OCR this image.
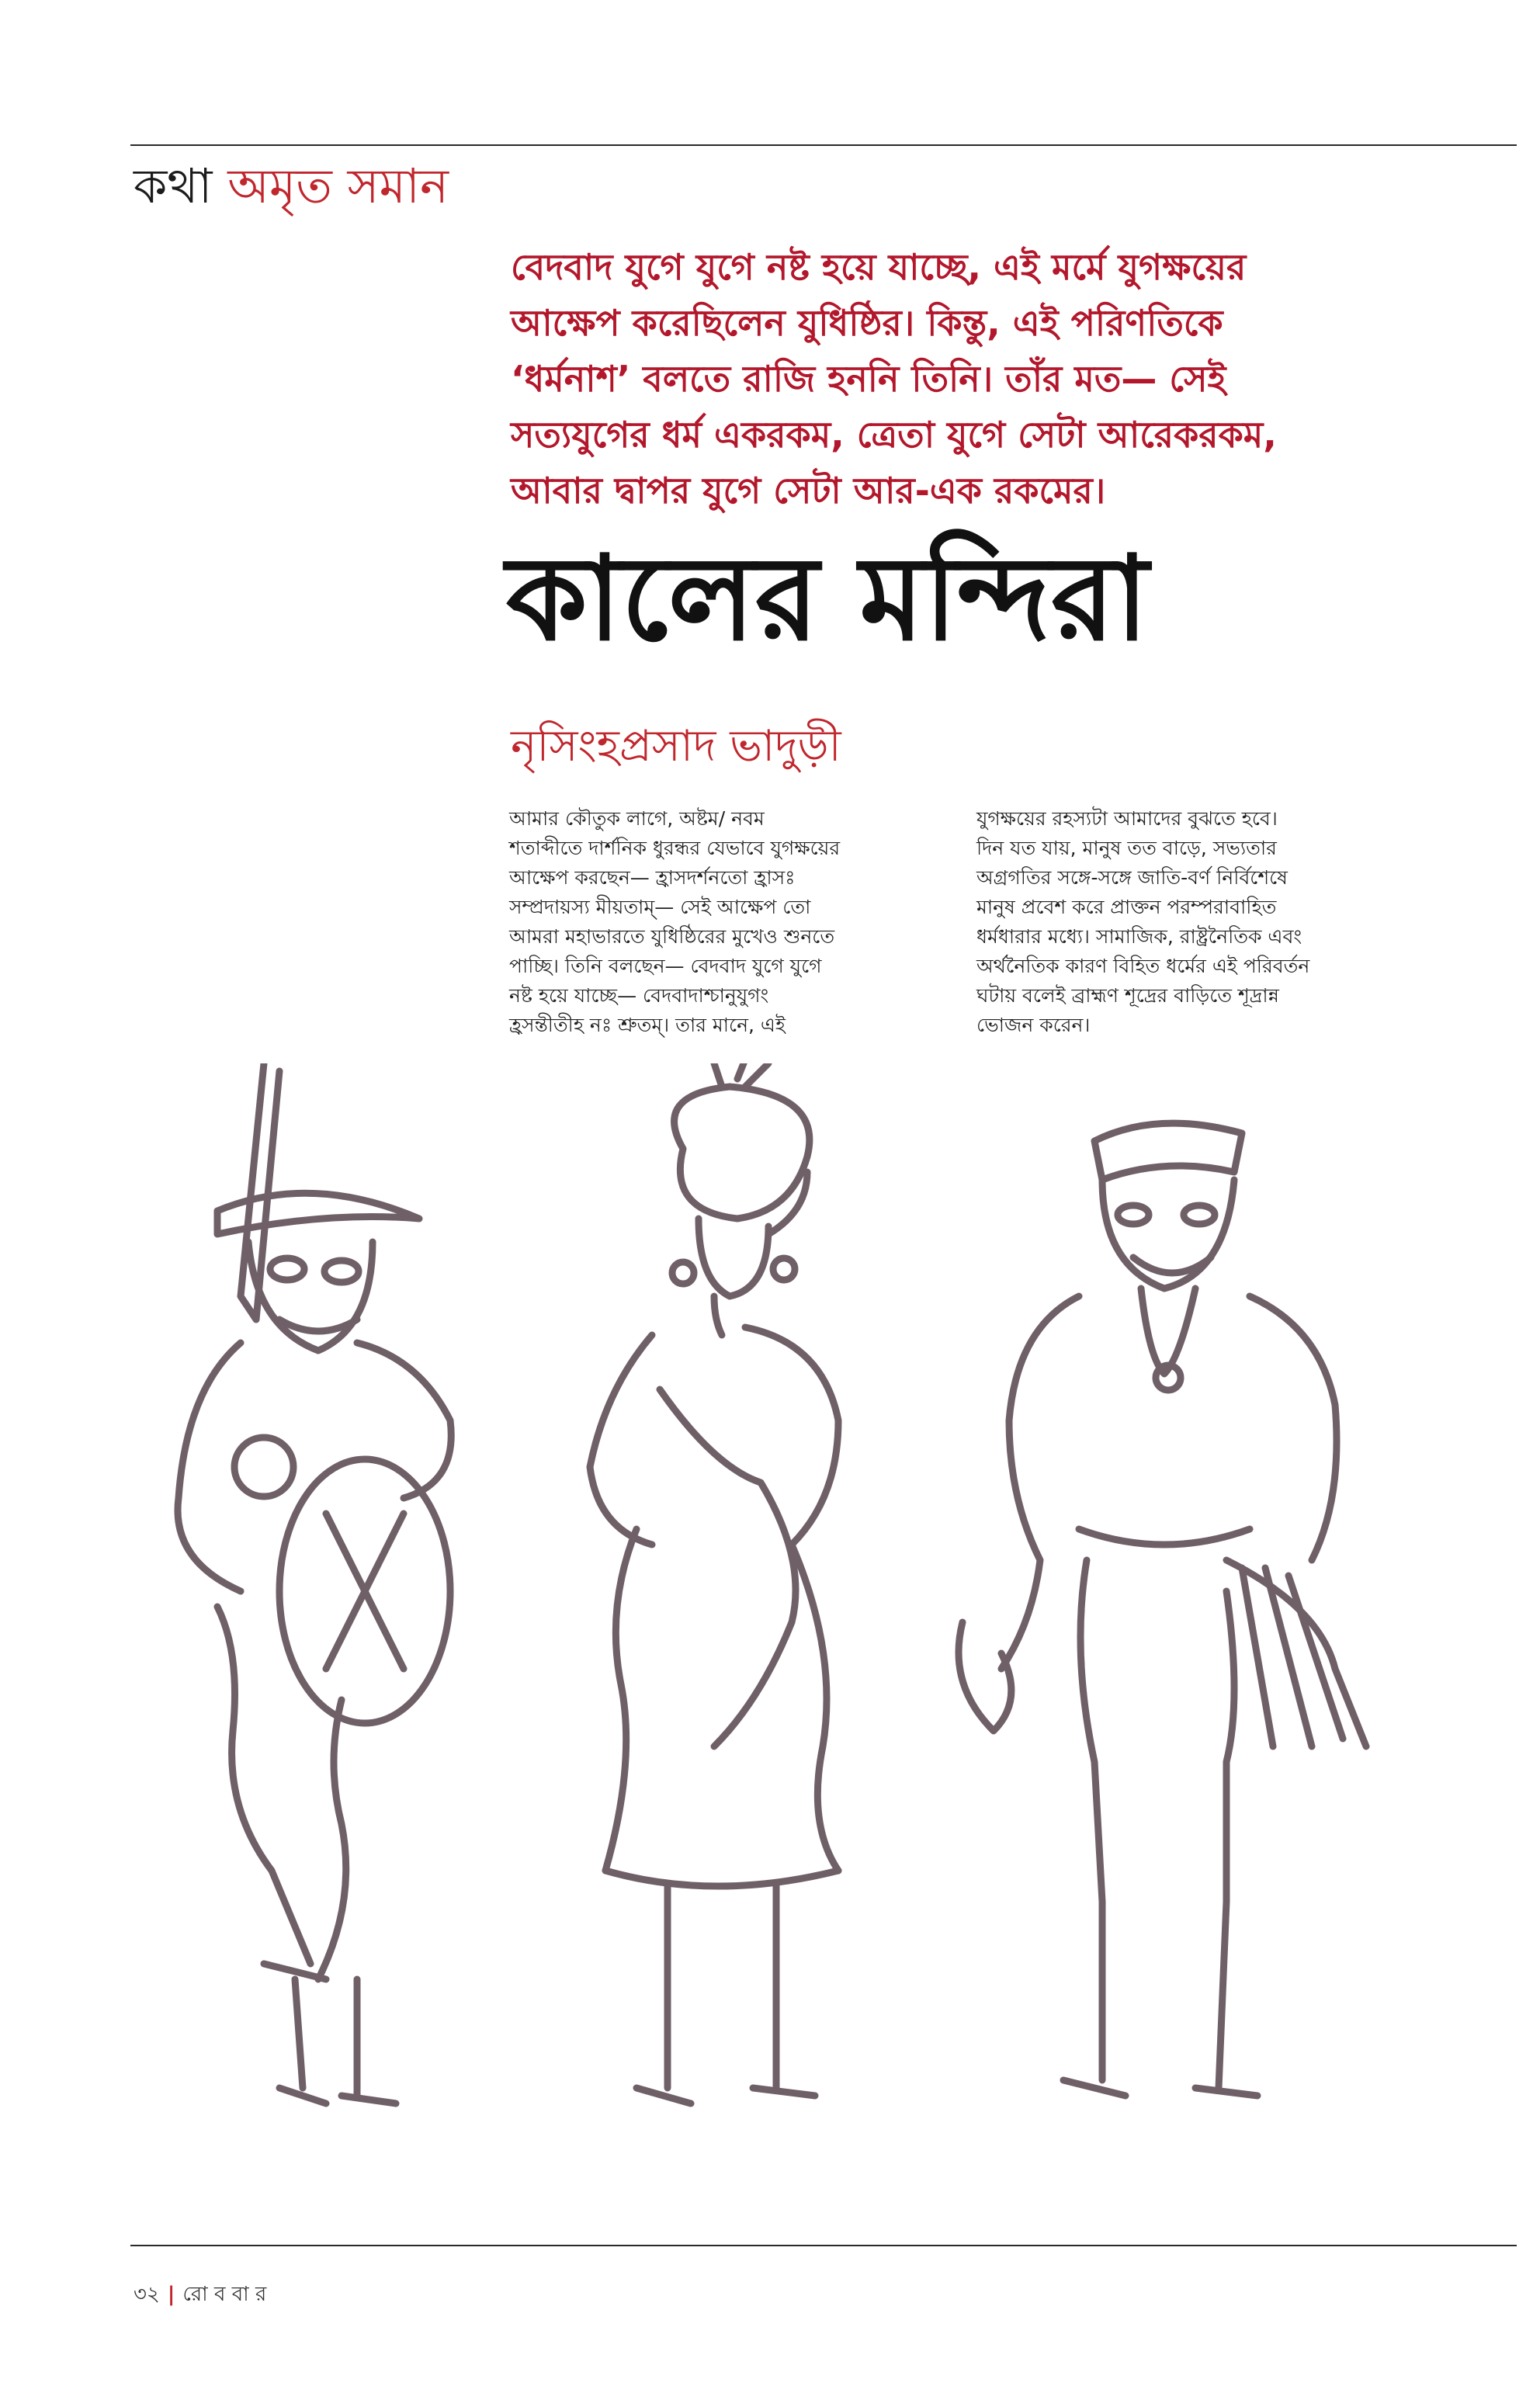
কথা অমৃত সমান

বেদবাদ যুগে যুগে নষ্ট হয়ে যাচ্ছে, এই মর্মে যুগক্ষয়ের

আক্ষেপ করেছিলেন যুধিষ্ঠির। কিন্তু, এই পরিণতিকে

‘ধর্মনাশ’ বলতে রাজি হননি তিনি। তাঁর মত— সেই

সত্যযুগের ধর্ম একরকম, ত্রেতা যুগে সেটা আরেকরকম,

আবার দ্বাপর যুগে সেটা আর-এক রকমের।

কালের মন্দিরা
নৃসিংহপ্রসাদ ভাদুড়ী

আমার কৌতুক লাগে, অষ্টম/ নবম

শতাব্দীতে দার্শনিক ধুরন্ধর যেভাবে যুগক্ষয়ের

আক্ষেপ করছেন— হ্রাসদর্শনতো হ্রাসঃ

সম্প্রদায়স্য মীয়তাম্— সেই আক্ষেপ তো

আমরা মহাভারতে যুধিষ্ঠিরের মুখেও শুনতে

পাচ্ছি। তিনি বলছেন— বেদবাদ যুগে যুগে

নষ্ট হয়ে যাচ্ছে— বেদবাদাশ্চানুযুগং

হ্রসন্তীতীহ নঃ শ্রুতম্। তার মানে, এই

যুগক্ষয়ের রহস্যটা আমাদের বুঝতে হবে।

দিন যত যায়, মানুষ তত বাড়ে, সভ্যতার

অগ্রগতির সঙ্গে-সঙ্গে জাতি-বর্ণ নির্বিশেষে

মানুষ প্রবেশ করে প্রাক্তন পরম্পরাবাহিত

ধর্মধারার মধ্যে। সামাজিক, রাষ্ট্রনৈতিক এবং

অর্থনৈতিক কারণ বিহিত ধর্মের এই পরিবর্তন

ঘটায় বলেই ব্রাহ্মণ শূদ্রের বাড়িতে শূদ্রান্ন

ভোজন করেন।

৩২ | রো ব বা র
